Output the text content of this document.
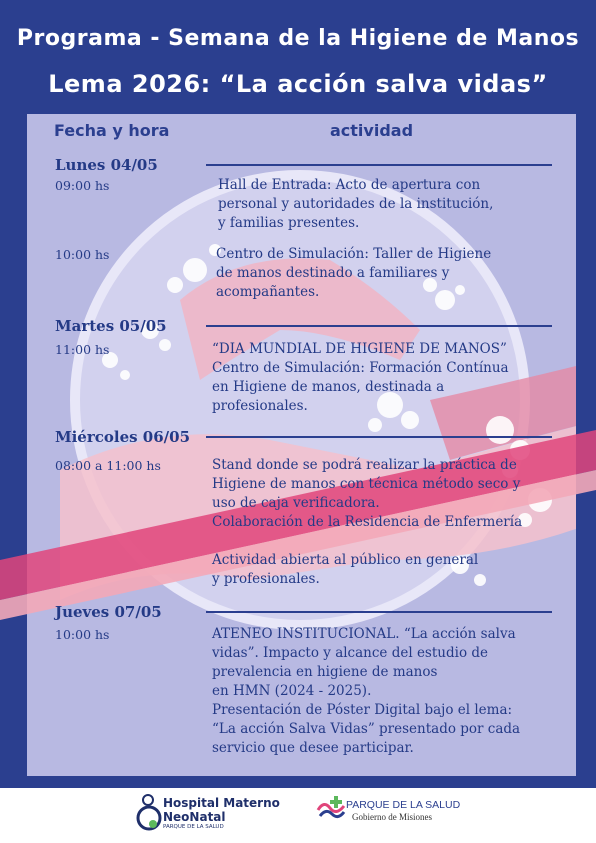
Programa - Semana de la Higiene de Manos
Lema 2026: “La acción salva vidas”
Fecha y hora	actividad
Lunes 04/05
09:00 hs	Hall de Entrada: Acto de apertura con
personal y autoridades de la institución,
y familias presentes.
10:00 hs	Centro de Simulación: Taller de Higiene
de manos destinado a familiares y
acompañantes.
Martes 05/05
11:00 hs	“DIA MUNDIAL DE HIGIENE DE MANOS”
Centro de Simulación: Formación Contínua
en Higiene de manos, destinada a
profesionales.
Miércoles 06/05
08:00 a 11:00 hs	Stand donde se podrá realizar la práctica de
Higiene de manos con técnica método seco y
uso de caja verificadora.
Colaboración de la Residencia de Enfermería
Actividad abierta al público en general
y profesionales.
Jueves 07/05
10:00 hs	ATENEO INSTITUCIONAL. “La acción salva
vidas”. Impacto y alcance del estudio de
prevalencia en higiene de manos
en HMN (2024 - 2025).
Presentación de Póster Digital bajo el lema:
“La acción Salva Vidas” presentado por cada
servicio que desee participar.
Hospital Materno
NeoNatal
PARQUE DE LA SALUD
PARQUE DE LA SALUD
Gobierno de Misiones
